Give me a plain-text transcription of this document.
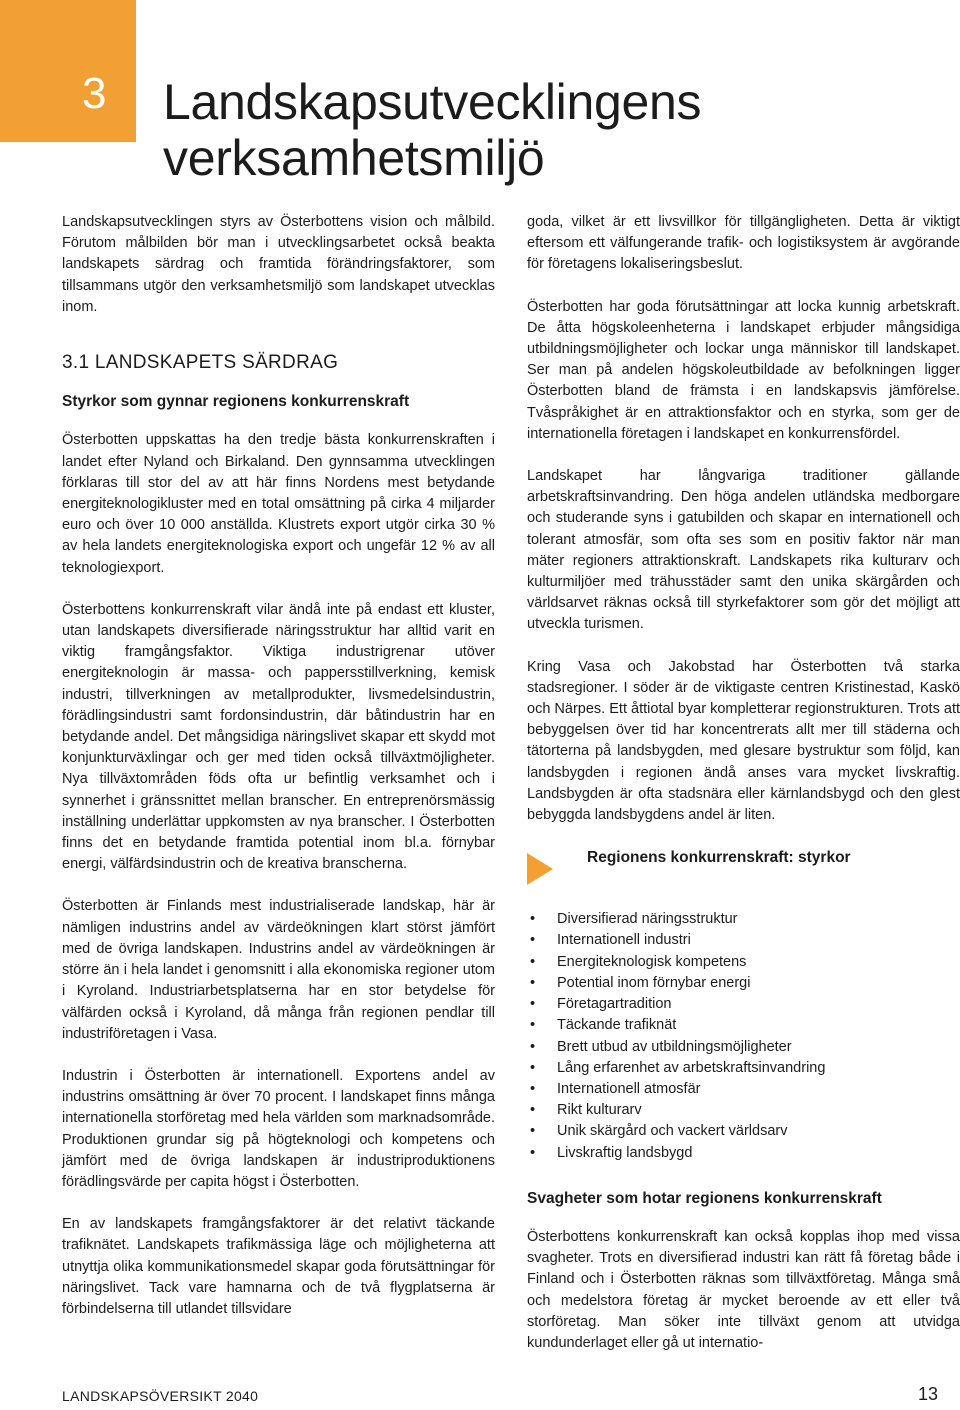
3 Landskapsutvecklingens
verksamhetsmiljö

Landskapsutvecklingen styrs av Österbottens vision och målbild. Förutom målbilden bör man i utvecklingsarbetet också beakta landskapets särdrag och framtida förändringsfaktorer, som tillsammans utgör den verksamhetsmiljö som landskapet utvecklas inom.

3.1 LANDSKAPETS SÄRDRAG
Styrkor som gynnar regionens konkurrenskraft

Österbotten uppskattas ha den tredje bästa konkurrenskraften i landet efter Nyland och Birkaland. Den gynnsamma utvecklingen förklaras till stor del av att här finns Nordens mest betydande energiteknologikluster med en total omsättning på cirka 4 miljarder euro och över 10 000 anställda. Klustrets export utgör cirka 30 % av hela landets energiteknologiska export och ungefär 12 % av all teknologiexport.

Österbottens konkurrenskraft vilar ändå inte på endast ett kluster, utan landskapets diversifierade näringsstruktur har alltid varit en viktig framgångsfaktor. Viktiga industrigrenar utöver energiteknologin är massa- och pappersstillverkning, kemisk industri, tillverkningen av metallprodukter, livsmedelsindustrin, förädlingsindustri samt fordonsindustrin, där båtindustrin har en betydande andel. Det mångsidiga näringslivet skapar ett skydd mot konjunkturväxlingar och ger med tiden också tillväxtmöjligheter. Nya tillväxtområden föds ofta ur befintlig verksamhet och i synnerhet i gränssnittet mellan branscher. En entreprenörsmässig inställning underlättar uppkomsten av nya branscher. I Österbotten finns det en betydande framtida potential inom bl.a. förnybar energi, välfärdsindustrin och de kreativa branscherna.

Österbotten är Finlands mest industrialiserade landskap, här är nämligen industrins andel av värdeökningen klart störst jämfört med de övriga landskapen. Industrins andel av värdeökningen är större än i hela landet i genomsnitt i alla ekonomiska regioner utom i Kyroland. Industriarbetsplatserna har en stor betydelse för välfärden också i Kyroland, då många från regionen pendlar till industriföretagen i Vasa.

Industrin i Österbotten är internationell. Exportens andel av industrins omsättning är över 70 procent. I landskapet finns många internationella storföretag med hela världen som marknadsområde. Produktionen grundar sig på högteknologi och kompetens och jämfört med de övriga landskapen är industriproduktionens förädlingsvärde per capita högst i Österbotten.

En av landskapets framgångsfaktorer är det relativt täckande trafiknätet. Landskapets trafikmässiga läge och möjligheterna att utnyttja olika kommunikationsmedel skapar goda förutsättningar för näringslivet. Tack vare hamnarna och de två flygplatserna är förbindelserna till utlandet tillsvidare

goda, vilket är ett livsvillkor för tillgängligheten. Detta är viktigt eftersom ett välfungerande trafik- och logistiksystem är avgörande för företagens lokaliseringsbeslut.

Österbotten har goda förutsättningar att locka kunnig arbetskraft. De åtta högskoleenheterna i landskapet erbjuder mångsidiga utbildningsmöjligheter och lockar unga människor till landskapet. Ser man på andelen högskoleutbildade av befolkningen ligger Österbotten bland de främsta i en landskapsvis jämförelse. Tvåspråkighet är en attraktionsfaktor och en styrka, som ger de internationella företagen i landskapet en konkurrensfördel.

Landskapet har långvariga traditioner gällande arbetskraftsinvandring. Den höga andelen utländska medborgare och studerande syns i gatubilden och skapar en internationell och tolerant atmosfär, som ofta ses som en positiv faktor när man mäter regioners attraktionskraft. Landskapets rika kulturarv och kulturmiljöer med trähusstäder samt den unika skärgården och världsarvet räknas också till styrkefaktorer som gör det möjligt att utveckla turismen.

Kring Vasa och Jakobstad har Österbotten två starka stadsregioner. I söder är de viktigaste centren Kristinestad, Kaskö och Närpes. Ett åttiotal byar kompletterar regionstrukturen. Trots att bebyggelsen över tid har koncentrerats allt mer till städerna och tätorterna på landsbygden, med glesare bystruktur som följd, kan landsbygden i regionen ändå anses vara mycket livskraftig. Landsbygden är ofta stadsnära eller kärnlandsbygd och den glest bebyggda landsbygdens andel är liten.

Regionens konkurrenskraft: styrkor
• Diversifierad näringsstruktur
• Internationell industri
• Energiteknologisk kompetens
• Potential inom förnybar energi
• Företagartradition
• Täckande trafiknät
• Brett utbud av utbildningsmöjligheter
• Lång erfarenhet av arbetskraftsinvandring
• Internationell atmosfär
• Rikt kulturarv
• Unik skärgård och vackert världsarv
• Livskraftig landsbygd
Svagheter som hotar regionens konkurrenskraft

Österbottens konkurrenskraft kan också kopplas ihop med vissa svagheter. Trots en diversifierad industri kan rätt få företag både i Finland och i Österbotten räknas som tillväxtföretag. Många små och medelstora företag är mycket beroende av ett eller två storföretag. Man söker inte tillväxt genom att utvidga kundunderlaget eller gå ut internatio-

LANDSKAPSÖVERSIKT 2040	13
